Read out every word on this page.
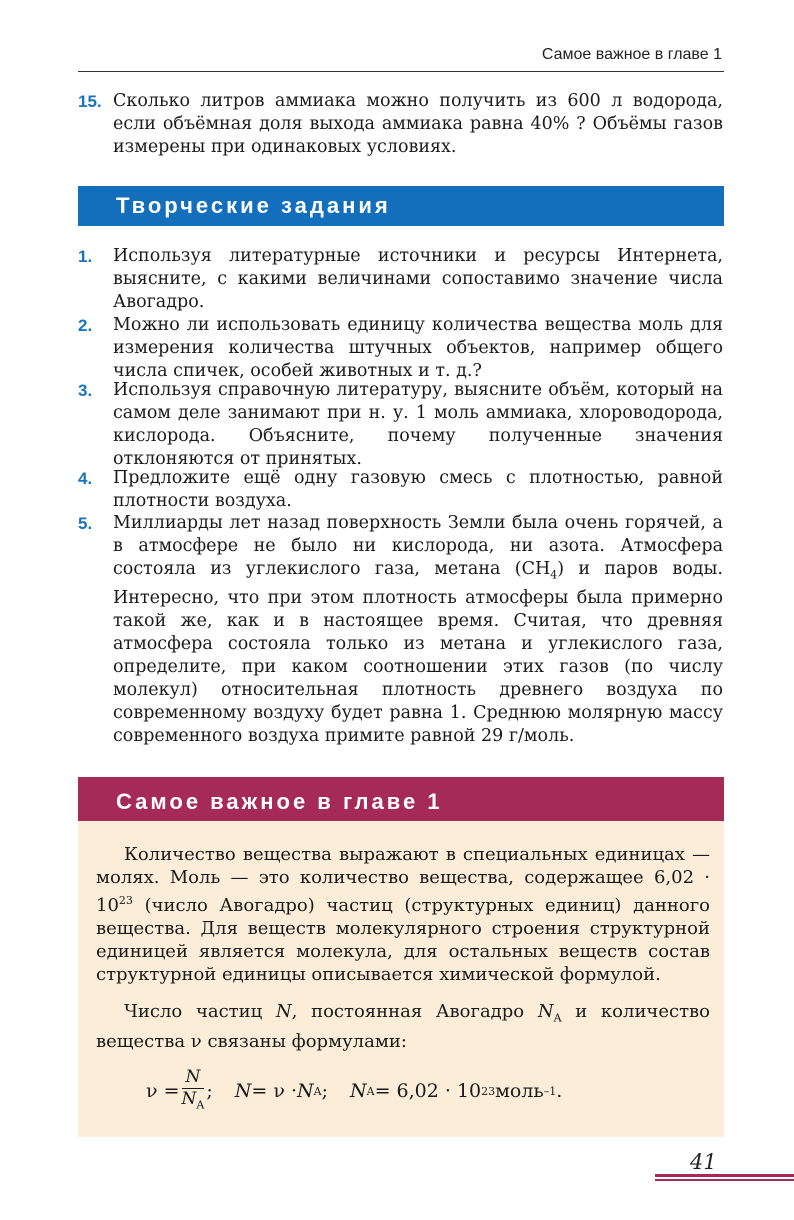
Самое важное в главе 1
15. Сколько литров аммиака можно получить из 600 л водорода, если объёмная доля выхода аммиака равна 40% ? Объёмы газов измерены при одинаковых условиях.
Творческие задания
1. Используя литературные источники и ресурсы Интернета, выясните, с какими величинами сопоставимо значение числа Авогадро.
2. Можно ли использовать единицу количества вещества моль для измерения количества штучных объектов, например общего числа спичек, особей животных и т. д.?
3. Используя справочную литературу, выясните объём, который на самом деле занимают при н. у. 1 моль аммиака, хлороводорода, кислорода. Объясните, почему полученные значения отклоняются от принятых.
4. Предложите ещё одну газовую смесь с плотностью, равной плотности воздуха.
5. Миллиарды лет назад поверхность Земли была очень горячей, а в атмосфере не было ни кислорода, ни азота. Атмосфера состояла из углекислого газа, метана $(CH_4)$ и паров воды. Интересно, что при этом плотность атмосферы была примерно такой же, как и в настоящее время. Считая, что древняя атмосфера состояла только из метана и углекислого газа, определите, при каком соотношении этих газов (по числу молекул) относительная плотность древнего воздуха по современному воздуху будет равна 1. Среднюю молярную массу современного воздуха примите равной 29 г/моль.
Самое важное в главе 1
Количество вещества выражают в специальных единицах — молях. Моль — это количество вещества, содержащее $6,02 \cdot 10^{23}$ (число Авогадро) частиц (структурных единиц) данного вещества. Для веществ молекулярного строения структурной единицей является молекула, для остальных веществ состав структурной единицы описывается химической формулой.
Число частиц N, постоянная Авогадро $N_A$ и количество вещества ν связаны формулами:
$\nu = \frac{N}{N_A}$ ; N = ν · N A ; N A = 6,02 · 10 23 моль –1 .
41
